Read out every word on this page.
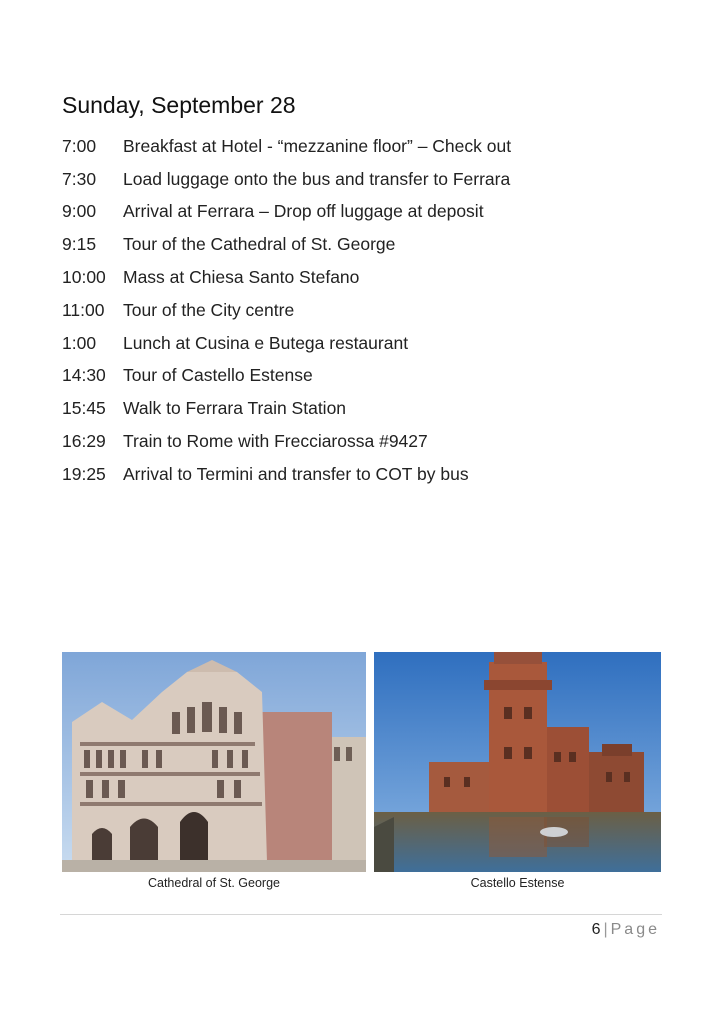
Sunday, September 28
7:00	Breakfast at Hotel - “mezzanine floor” – Check out
7:30	Load luggage onto the bus and transfer to Ferrara
9:00	Arrival at Ferrara – Drop off luggage at deposit
9:15	Tour of the Cathedral of St. George
10:00 Mass at Chiesa Santo Stefano
11:00	Tour of the City centre
1:00	Lunch at Cusina e Butega restaurant
14:30 Tour of Castello Estense
15:45 Walk to Ferrara Train Station
16:29 Train to Rome with Frecciarossa #9427
19:25 Arrival to Termini and transfer to COT by bus
Cathedral of St. George	Castello Estense
6 | Page
